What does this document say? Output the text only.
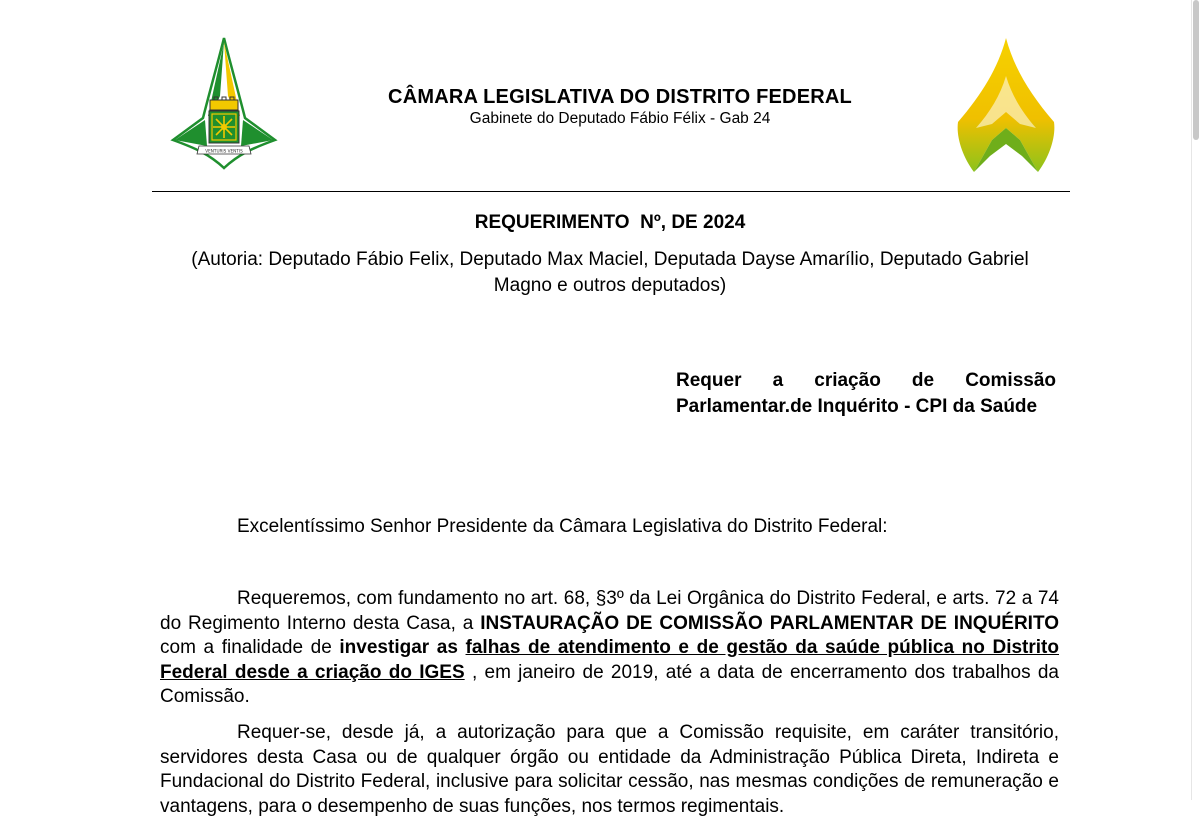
VENTURIS VENTIS
CÂMARA LEGISLATIVA DO DISTRITO FEDERAL
Gabinete do Deputado Fábio Félix - Gab 24
REQUERIMENTO  Nº, DE 2024
(Autoria: Deputado Fábio Felix, Deputado Max Maciel, Deputada Dayse Amarílio, Deputado Gabriel Magno e outros deputados)
Requer a criação de Comissão Parlamentar.de Inquérito - CPI da Saúde
Excelentíssimo Senhor Presidente da Câmara Legislativa do Distrito Federal:
Requeremos, com fundamento no art. 68, §3º da Lei Orgânica do Distrito Federal, e arts. 72 a 74 do Regimento Interno desta Casa, a INSTAURAÇÃO DE COMISSÃO PARLAMENTAR DE INQUÉRITO com a finalidade de investigar as falhas de atendimento e de gestão da saúde pública no Distrito Federal desde a criação do IGES , em janeiro de 2019, até a data de encerramento dos trabalhos da Comissão.
Requer-se, desde já, a autorização para que a Comissão requisite, em caráter transitório, servidores desta Casa ou de qualquer órgão ou entidade da Administração Pública Direta, Indireta e Fundacional do Distrito Federal, inclusive para solicitar cessão, nas mesmas condições de remuneração e vantagens, para o desempenho de suas funções, nos termos regimentais.
